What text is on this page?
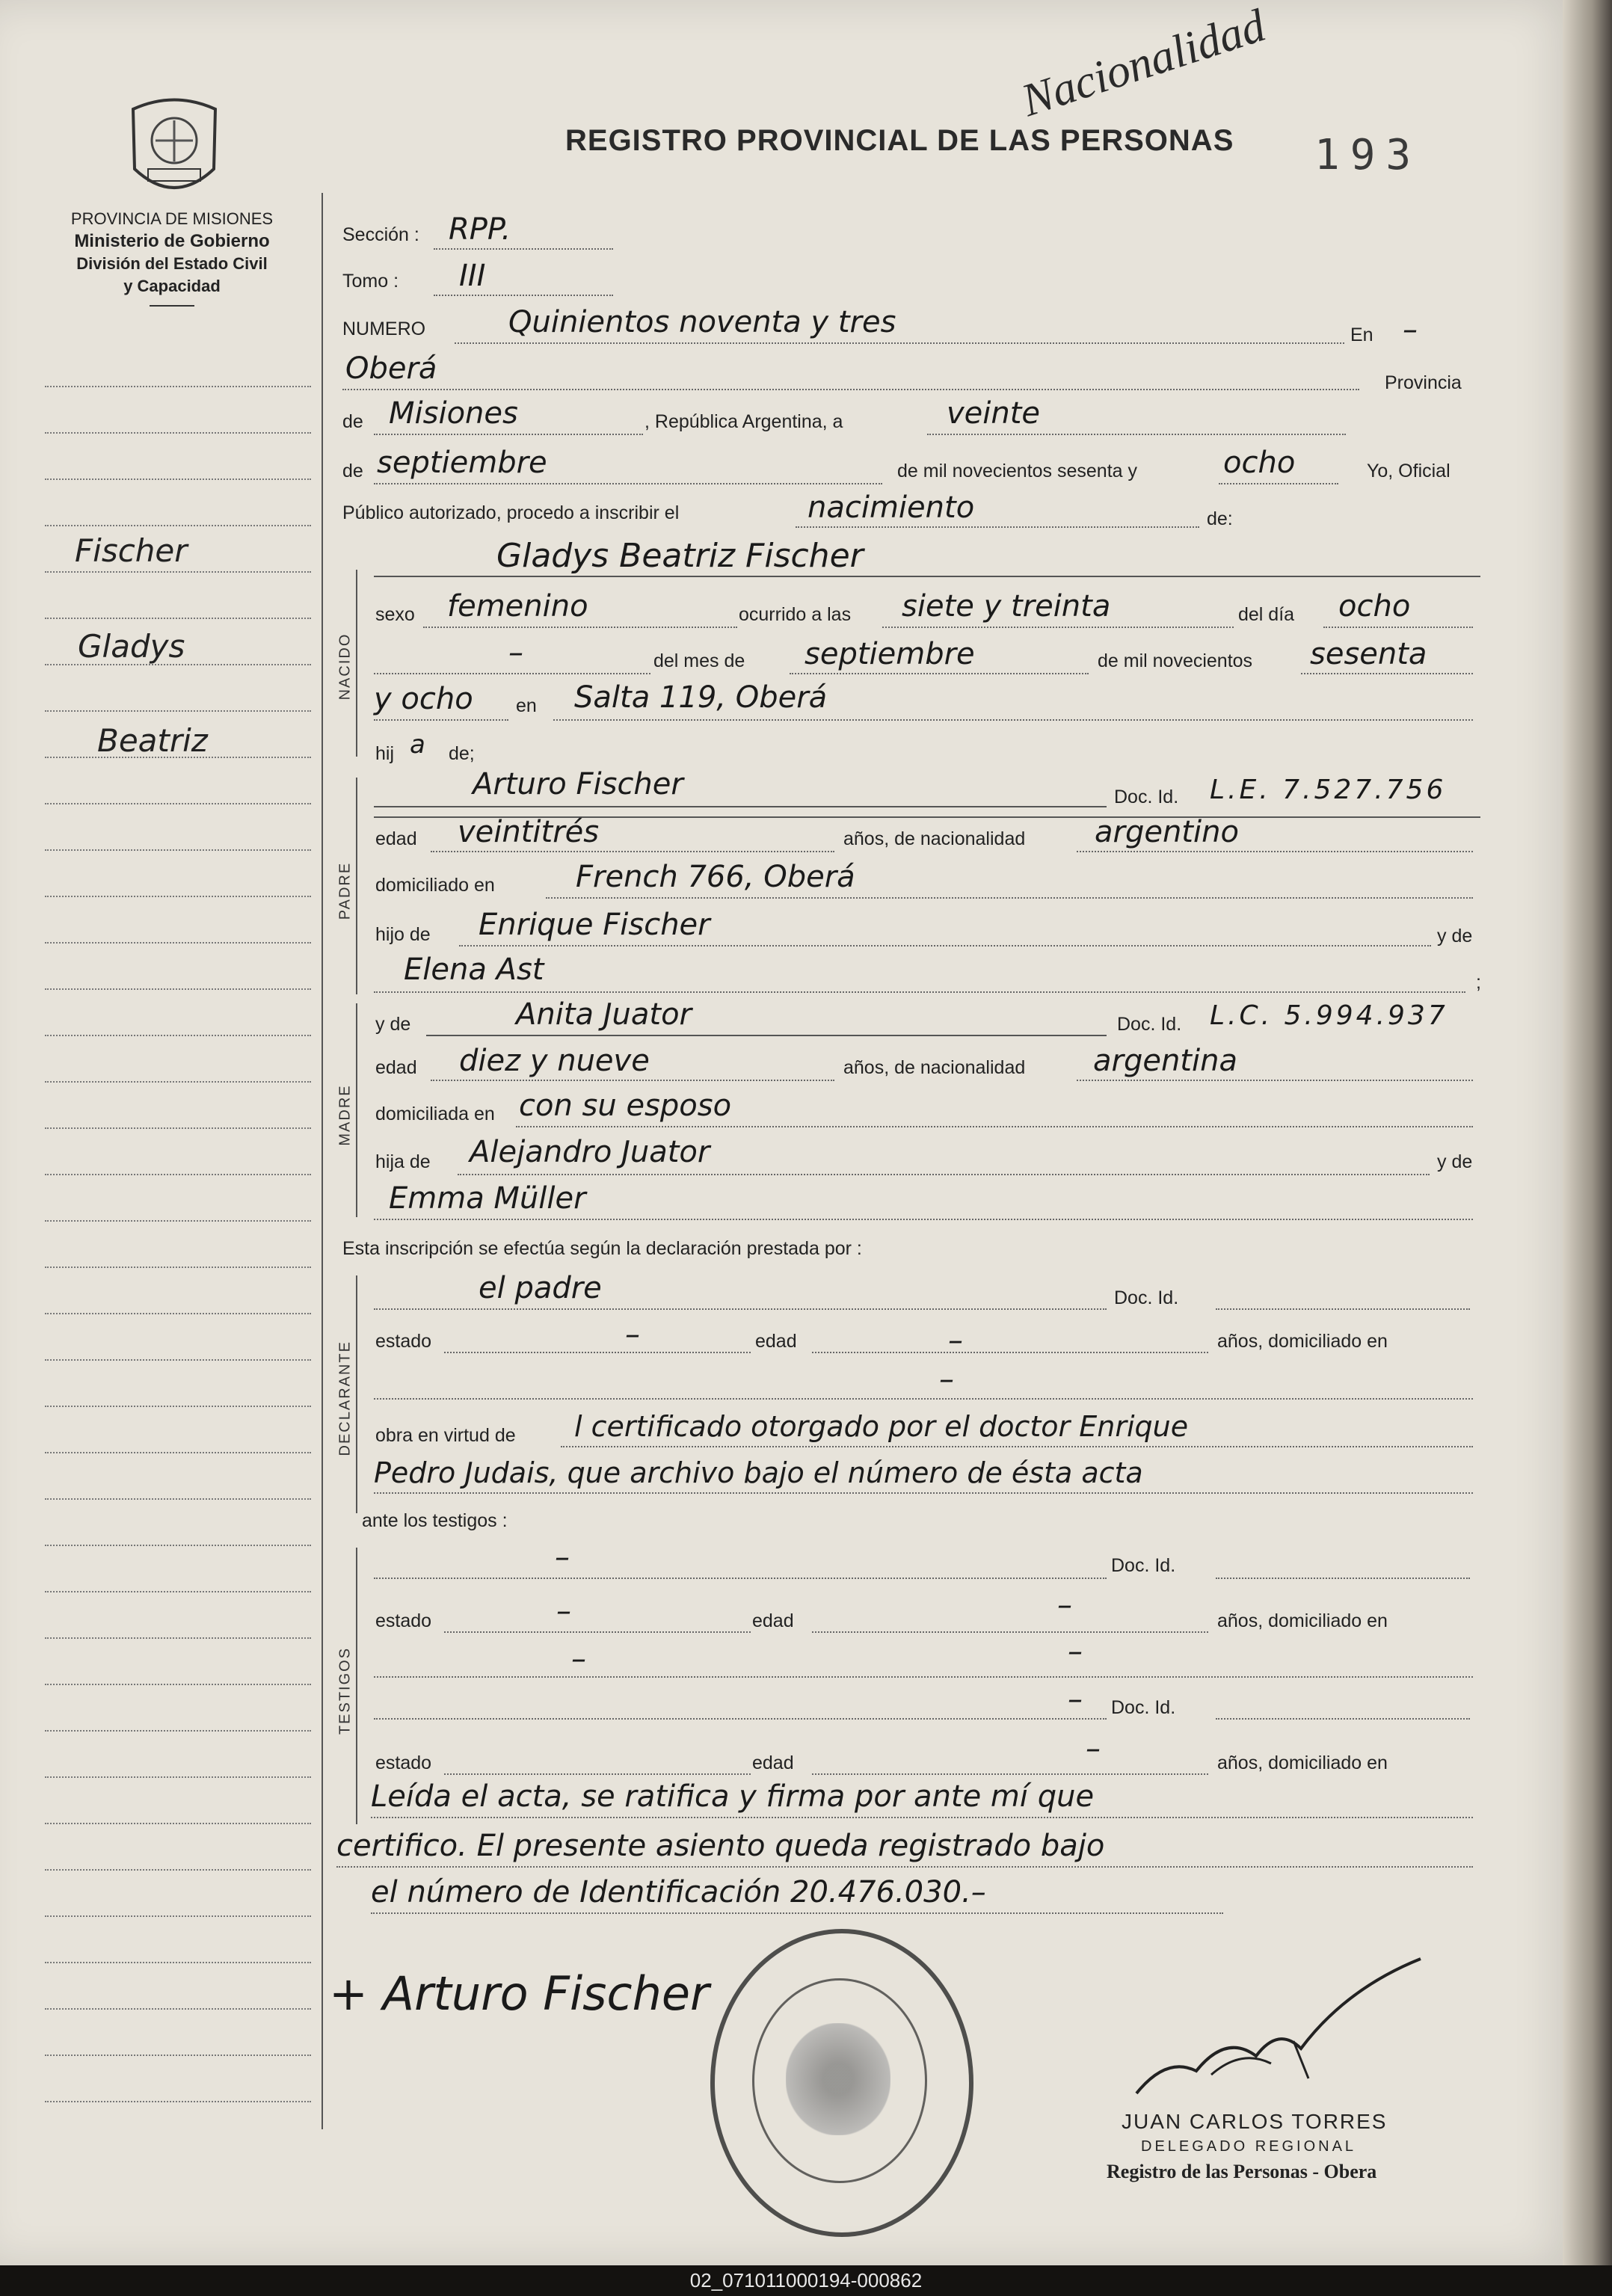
PROVINCIA DE MISIONES
Ministerio de Gobierno
División del Estado Civil
y Capacidad
Fischer
Gladys
Beatriz
REGISTRO PROVINCIAL DE LAS PERSONAS 193
Nacionalidad
NACIDO
PADRE
MADRE
DECLARANTE
TESTIGOS
Sección : RPP.
Tomo : III
NUMERO	Quinientos noventa y tres	En –
Oberá	Provincia
de Misiones	, República Argentina, a	veinte
de septiembre	de mil novecientos sesenta y	ocho	Yo, Oficial
Público autorizado, procedo a inscribir el	nacimiento	de:
Gladys Beatriz Fischer
sexo femenino	ocurrido a las siete y treinta	del día ocho
–	del mes de septiembre	de mil novecientos sesenta
y ocho en Salta 119, Oberá
hij a de;
Arturo Fischer	Doc. Id. L.E. 7.527.756
edad veintitrés	años, de nacionalidad argentino
domiciliado en	French 766, Oberá
hijo de Enrique Fischer	y de
Elena Ast	;
y de	Anita Juator	Doc. Id. L.C. 5.994.937
edad diez y nueve	años, de nacionalidad argentina
domiciliada en con su esposo
hija de Alejandro Juator	y de
Emma Müller
Esta inscripción se efectúa según la declaración prestada por :
el padre	Doc. Id.
estado	–	edad	–	años, domiciliado en
–
obra en virtud de l certificado otorgado por el doctor Enrique
Pedro Judais, que archivo bajo el número de ésta acta
ante los testigos :
–	Doc. Id.
estado	–	edad	–	años, domiciliado en
–	–
– Doc. Id.
estado	edad	–	años, domiciliado en
Leída el acta, se ratifica y firma por ante mí que
certifico. El presente asiento queda registrado bajo
el número de Identificación 20.476.030.–
+ Arturo Fischer
JUAN CARLOS TORRES
DELEGADO REGIONAL
Registro de las Personas - Obera
02_071011000194-000862
